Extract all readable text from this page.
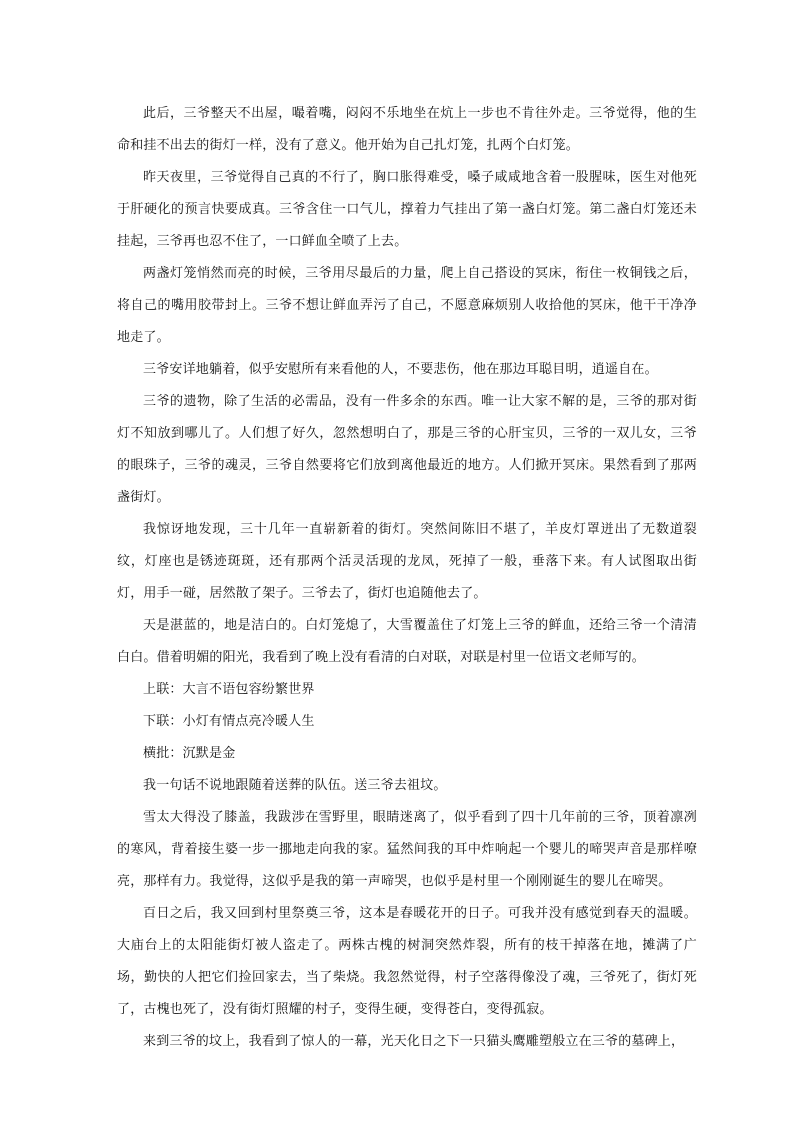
此后，三爷整天不出屋，嘬着嘴，闷闷不乐地坐在炕上一步也不肯往外走。三爷觉得，他的生命和挂不出去的街灯一样，没有了意义。他开始为自己扎灯笼，扎两个白灯笼。

昨天夜里，三爷觉得自己真的不行了，胸口胀得难受，嗓子咸咸地含着一股腥味，医生对他死于肝硬化的预言快要成真。三爷含住一口气儿，撑着力气挂出了第一盏白灯笼。第二盏白灯笼还未挂起，三爷再也忍不住了，一口鲜血全喷了上去。

两盏灯笼悄然而亮的时候，三爷用尽最后的力量，爬上自己搭设的冥床，衔住一枚铜钱之后，将自己的嘴用胶带封上。三爷不想让鲜血弄污了自己，不愿意麻烦别人收拾他的冥床，他干干净净地走了。

三爷安详地躺着，似乎安慰所有来看他的人，不要悲伤，他在那边耳聪目明，逍遥自在。

三爷的遗物，除了生活的必需品，没有一件多余的东西。唯一让大家不解的是，三爷的那对街灯不知放到哪儿了。人们想了好久，忽然想明白了，那是三爷的心肝宝贝，三爷的一双儿女，三爷的眼珠子，三爷的魂灵，三爷自然要将它们放到离他最近的地方。人们掀开冥床。果然看到了那两盏街灯。

我惊讶地发现，三十几年一直崭新着的街灯。突然间陈旧不堪了，羊皮灯罩迸出了无数道裂纹，灯座也是锈迹斑斑，还有那两个活灵活现的龙凤，死掉了一般，垂落下来。有人试图取出街灯，用手一碰，居然散了架子。三爷去了，街灯也追随他去了。

天是湛蓝的，地是洁白的。白灯笼熄了，大雪覆盖住了灯笼上三爷的鲜血，还给三爷一个清清白白。借着明媚的阳光，我看到了晚上没有看清的白对联，对联是村里一位语文老师写的。

上联：大言不语包容纷繁世界

下联：小灯有情点亮冷暖人生

横批：沉默是金

我一句话不说地跟随着送葬的队伍。送三爷去祖坟。

雪太大得没了膝盖，我跋涉在雪野里，眼睛迷离了，似乎看到了四十几年前的三爷，顶着凛冽的寒风，背着接生婆一步一挪地走向我的家。猛然间我的耳中炸响起一个婴儿的啼哭声音是那样嘹亮，那样有力。我觉得，这似乎是我的第一声啼哭，也似乎是村里一个刚刚诞生的婴儿在啼哭。

百日之后，我又回到村里祭奠三爷，这本是春暖花开的日子。可我并没有感觉到春天的温暖。大庙台上的太阳能街灯被人盗走了。两株古槐的树洞突然炸裂，所有的枝干掉落在地，摊满了广场，勤快的人把它们捡回家去，当了柴烧。我忽然觉得，村子空落得像没了魂，三爷死了，街灯死了，古槐也死了，没有街灯照耀的村子，变得生硬，变得苍白，变得孤寂。

来到三爷的坟上，我看到了惊人的一幕，光天化日之下一只猫头鹰雕塑般立在三爷的墓碑上，
